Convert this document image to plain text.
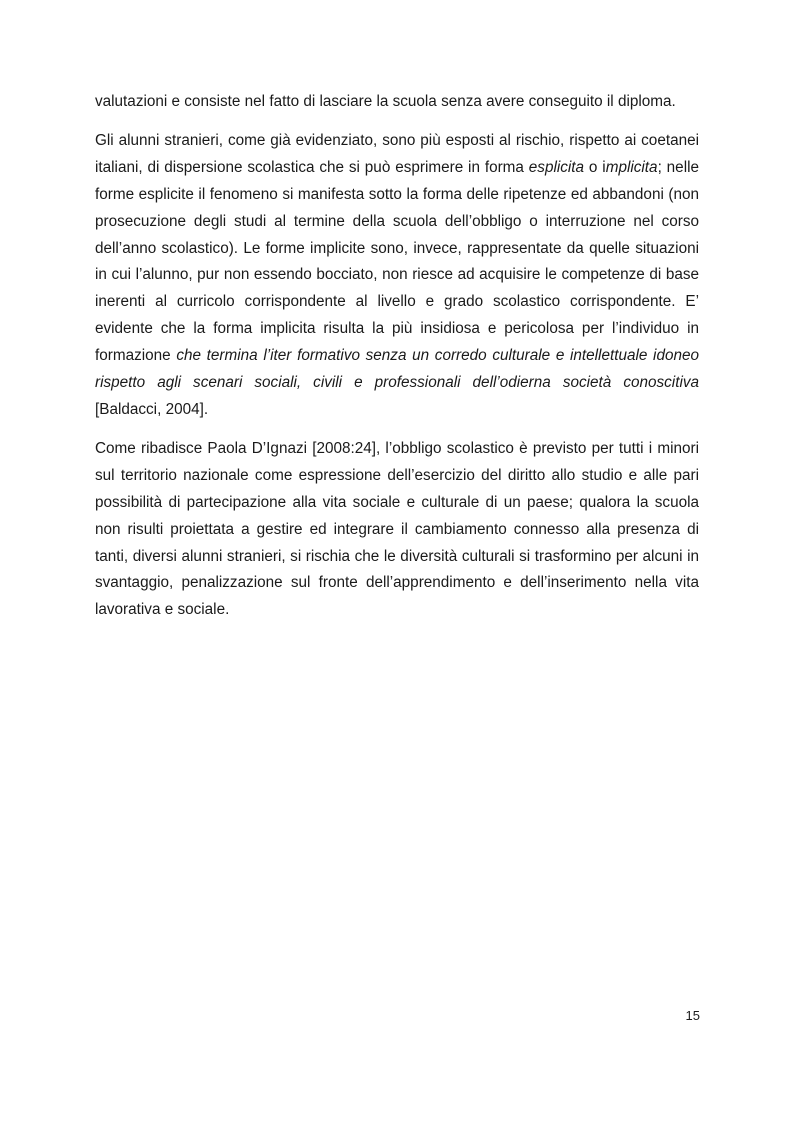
valutazioni e consiste nel fatto di lasciare la scuola senza avere conseguito il diploma.

Gli alunni stranieri, come già evidenziato, sono più esposti al rischio, rispetto ai coetanei italiani, di dispersione scolastica che si può esprimere in forma esplicita o implicita; nelle forme esplicite il fenomeno si manifesta sotto la forma delle ripetenze ed abbandoni (non prosecuzione degli studi al termine della scuola dell’obbligo o interruzione nel corso dell’anno scolastico). Le forme implicite sono, invece, rappresentate da quelle situazioni in cui l’alunno, pur non essendo bocciato, non riesce ad acquisire le competenze di base inerenti al curricolo corrispondente al livello e grado scolastico corrispondente. E’ evidente che la forma implicita risulta la più insidiosa e pericolosa per l’individuo in formazione che termina l’iter formativo senza un corredo culturale e intellettuale idoneo rispetto agli scenari sociali, civili e professionali dell’odierna società conoscitiva [Baldacci, 2004].

Come ribadisce Paola D’Ignazi [2008:24], l’obbligo scolastico è previsto per tutti i minori sul territorio nazionale come espressione dell’esercizio del diritto allo studio e alle pari possibilità di partecipazione alla vita sociale e culturale di un paese; qualora la scuola non risulti proiettata a gestire ed integrare il cambiamento connesso alla presenza di tanti, diversi alunni stranieri, si rischia che le diversità culturali si trasformino per alcuni in svantaggio, penalizzazione sul fronte dell’apprendimento e dell’inserimento nella vita lavorativa e sociale.

15
